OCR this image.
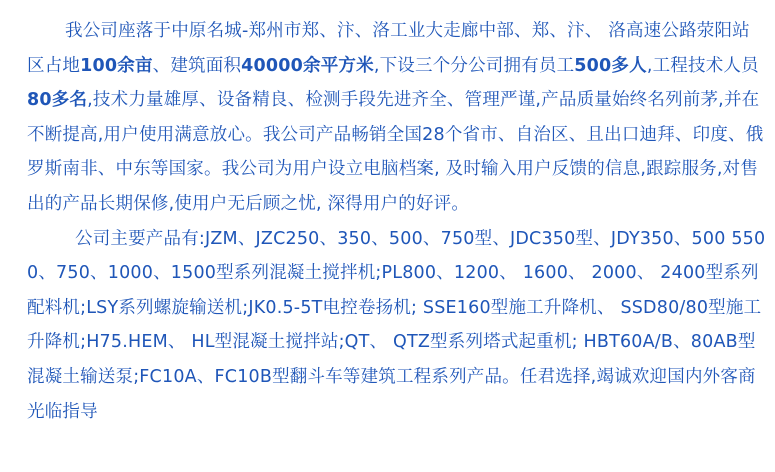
我公司座落于中原名城-郑州市郑、汴、洛工业大走廊中部、郑、汴、 洛高速公路荥阳站区占地100余亩、建筑面积40000余平方米,下设三个分公司拥有员工500多人,工程技术人员80多名,技术力量雄厚、设备精良、检测手段先进齐全、管理严谨,产品质量始终名列前茅,并在不断提高,用户使用满意放心。我公司产品畅销全国28个省市、自治区、且出口迪拜、印度、俄罗斯南非、中东等国家。我公司为用户设立电脑档案, 及时输入用户反馈的信息,跟踪服务,对售出的产品长期保修,使用户无后顾之忧, 深得用户的好评。

公司主要产品有:JZM、JZC250、350、500、750型、JDC350型、JDY350、500 5500、750、1000、1500型系列混凝土搅拌机;PL800、1200、 1600、 2000、 2400型系列配料机;LSY系列螺旋输送机;JK0.5-5T电控卷扬机; SSE160型施工升降机、 SSD80/80型施工升降机;H75.HEM、 HL型混凝土搅拌站;QT、 QTZ型系列塔式起重机; HBT60A/B、80AB型混凝土输送泵;FC10A、FC10B型翻斗车等建筑工程系列产品。任君选择,竭诚欢迎国内外客商光临指导
